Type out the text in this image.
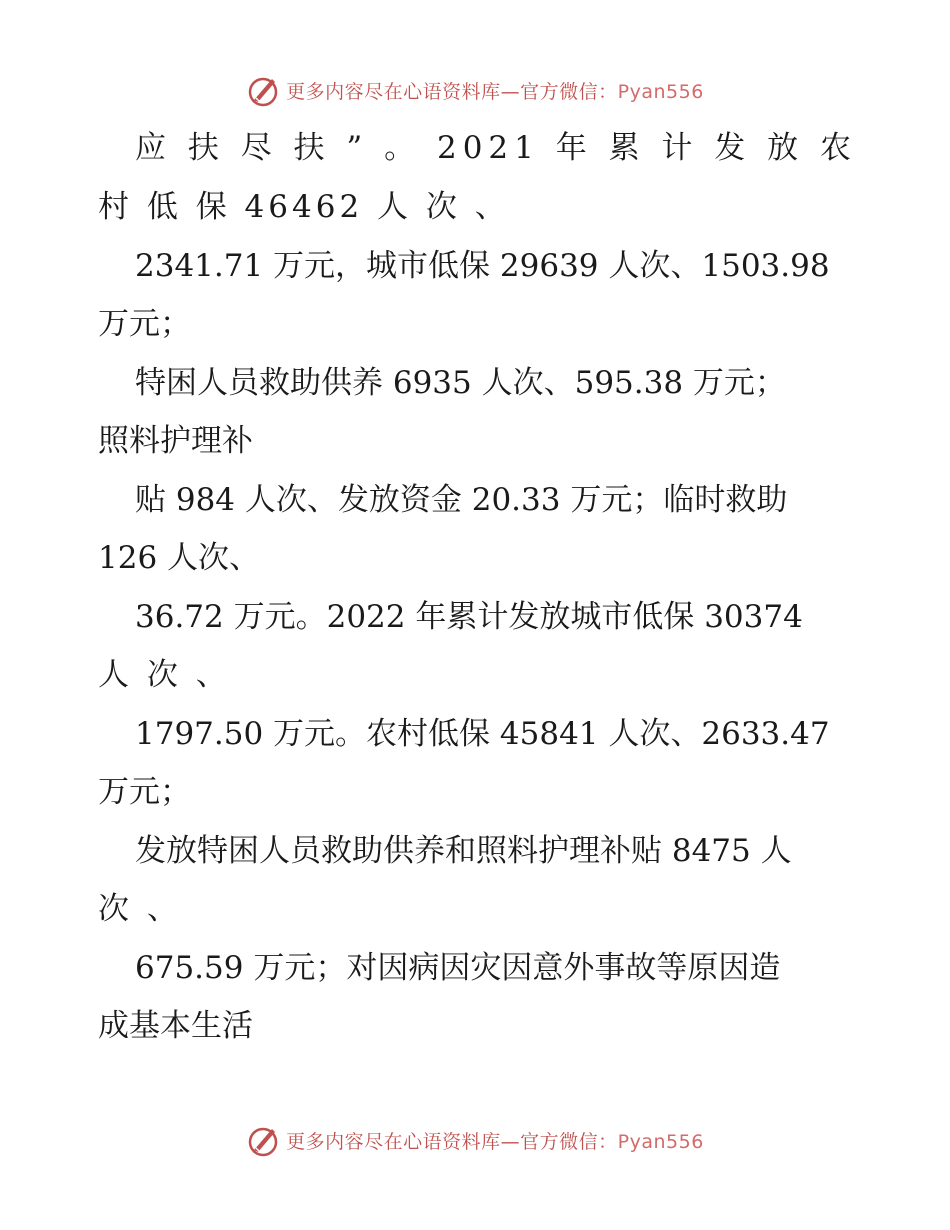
更多内容尽在心语资料库—官方微信：Pyan556
应 扶 尽 扶 ” 。 2021 年 累 计 发 放 农
村 低 保 46462 人 次 、
2341.71 万元，城市低保 29639 人次、1503.98
万元；
特困人员救助供养 6935 人次、595.38 万元；
照料护理补
贴 984 人次、发放资金 20.33 万元；临时救助
126 人次、
36.72 万元。2022 年累计发放城市低保 30374
人 次 、
1797.50 万元。农村低保 45841 人次、2633.47
万元；
发放特困人员救助供养和照料护理补贴 8475 人
次 、
675.59 万元；对因病因灾因意外事故等原因造
成基本生活
更多内容尽在心语资料库—官方微信：Pyan556
